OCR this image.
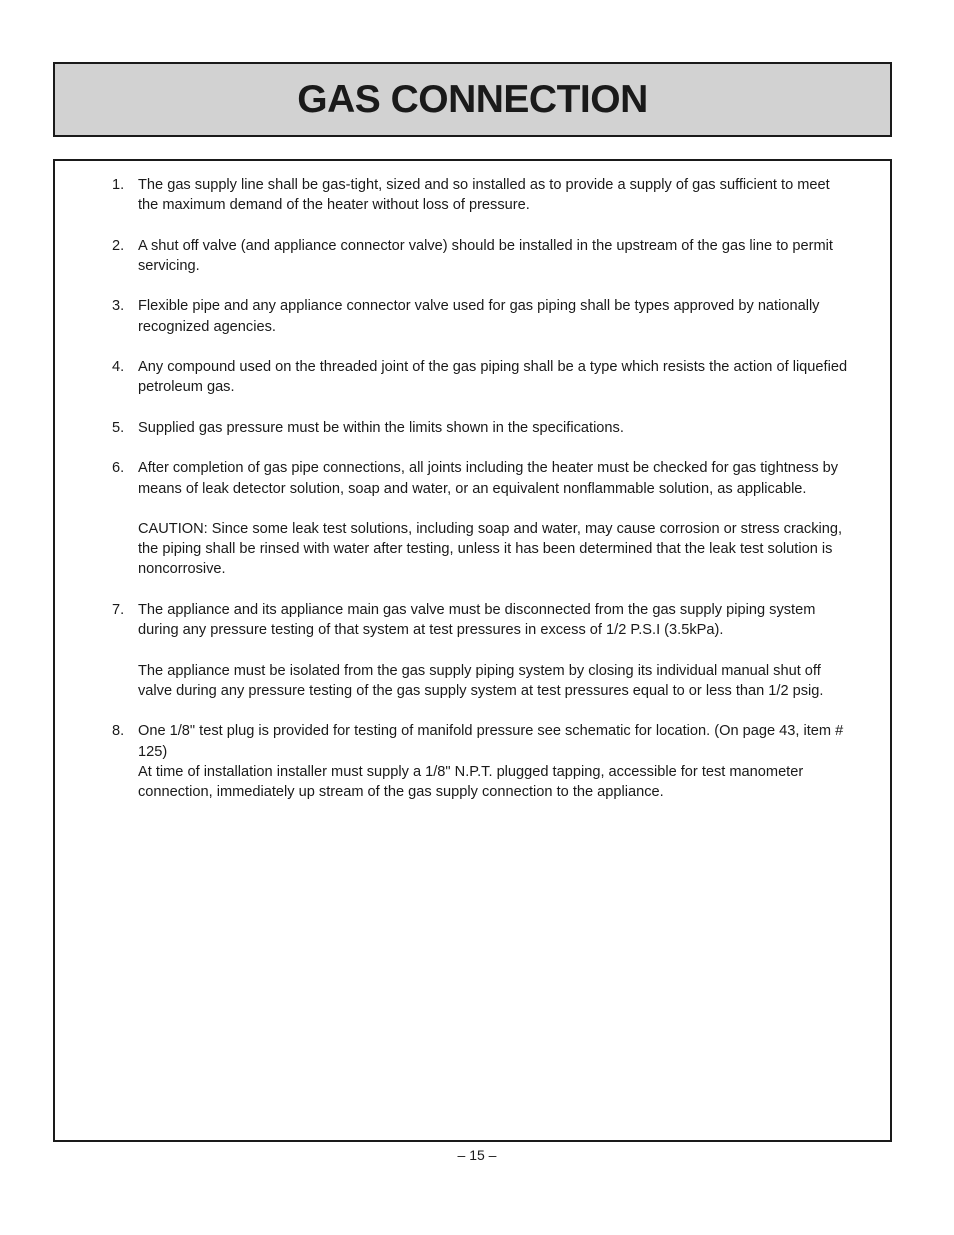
GAS CONNECTION
1. The gas supply line shall be gas-tight, sized and so installed as to provide a supply of gas sufficient to meet the maximum demand of the heater without loss of pressure.
2. A shut off valve (and appliance connector valve) should be installed in the upstream of the gas line to permit servicing.
3. Flexible pipe and any appliance connector valve used for gas piping shall be types approved by nationally recognized agencies.
4. Any compound used on the threaded joint of the gas piping shall be a type which resists the action of liquefied petroleum gas.
5. Supplied gas pressure must be within the limits shown in the specifications.
6. After completion of gas pipe connections, all joints including the heater must be checked for gas tightness by means of leak detector solution, soap and water, or an equivalent nonflammable solution, as applicable.
CAUTION: Since some leak test solutions, including soap and water, may cause corrosion or stress cracking, the piping shall be rinsed with water after testing, unless it has been determined that the leak test solution is noncorrosive.
7. The appliance and its appliance main gas valve must be disconnected from the gas supply piping system during any pressure testing of that system at test pressures in excess of 1/2 P.S.I (3.5kPa).
The appliance must be isolated from the gas supply piping system by closing its individual manual shut off valve during any pressure testing of the gas supply system at test pressures equal to or less than 1/2 psig.
8. One 1/8" test plug is provided for testing of manifold pressure see schematic for location. (On page 43, item # 125)
At time of installation installer must supply a 1/8" N.P.T. plugged tapping, accessible for test manometer connection, immediately up stream of the gas supply connection to the appliance.
– 15 –
